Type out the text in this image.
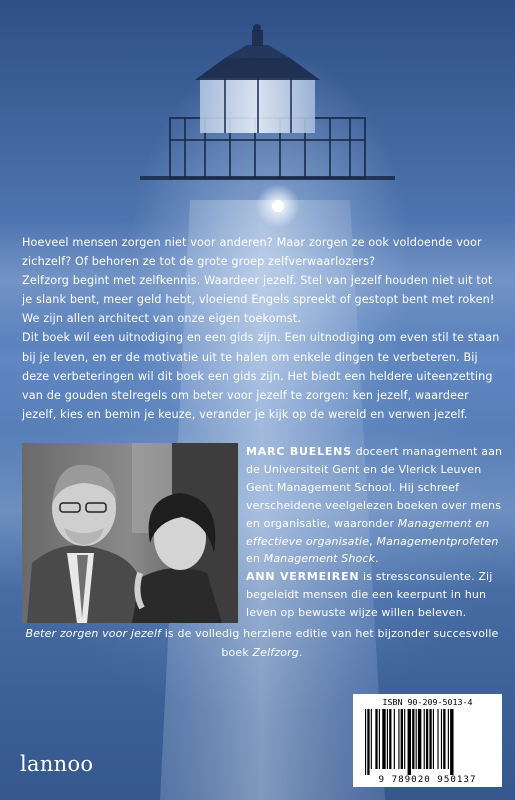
Hoeveel mensen zorgen niet voor anderen? Maar zorgen ze ook voldoende voor zichzelf? Of behoren ze tot de grote groep zelfverwaarlozers?

Zelfzorg begint met zelfkennis. Waardeer jezelf. Stel van jezelf houden niet uit tot je slank bent, meer geld hebt, vloeiend Engels spreekt of gestopt bent met roken! We zijn allen architect van onze eigen toekomst.

Dit boek wil een uitnodiging en een gids zijn. Een uitnodiging om even stil te staan bij je leven, en er de motivatie uit te halen om enkele dingen te verbeteren. Bij deze verbeteringen wil dit boek een gids zijn. Het biedt een heldere uiteenzetting van de gouden stelregels om beter voor jezelf te zorgen: ken jezelf, waardeer jezelf, kies en bemin je keuze, verander je kijk op de wereld en verwen jezelf.

MARC BUELENS doceert management aan de Universiteit Gent en de Vlerick Leuven Gent Management School. Hij schreef verscheidene veelgelezen boeken over mens en organisatie, waaronder Management en effectieve organisatie, Managementprofeten en Management Shock.

ANN VERMEIREN is stressconsulente. Zij begeleidt mensen die een keerpunt in hun leven op bewuste wijze willen beleven.

Beter zorgen voor jezelf is de volledig herziene editie van het bijzonder succesvolle boek Zelfzorg.
lannoo
ISBN 90-209-5013-4
9 789020 950137
